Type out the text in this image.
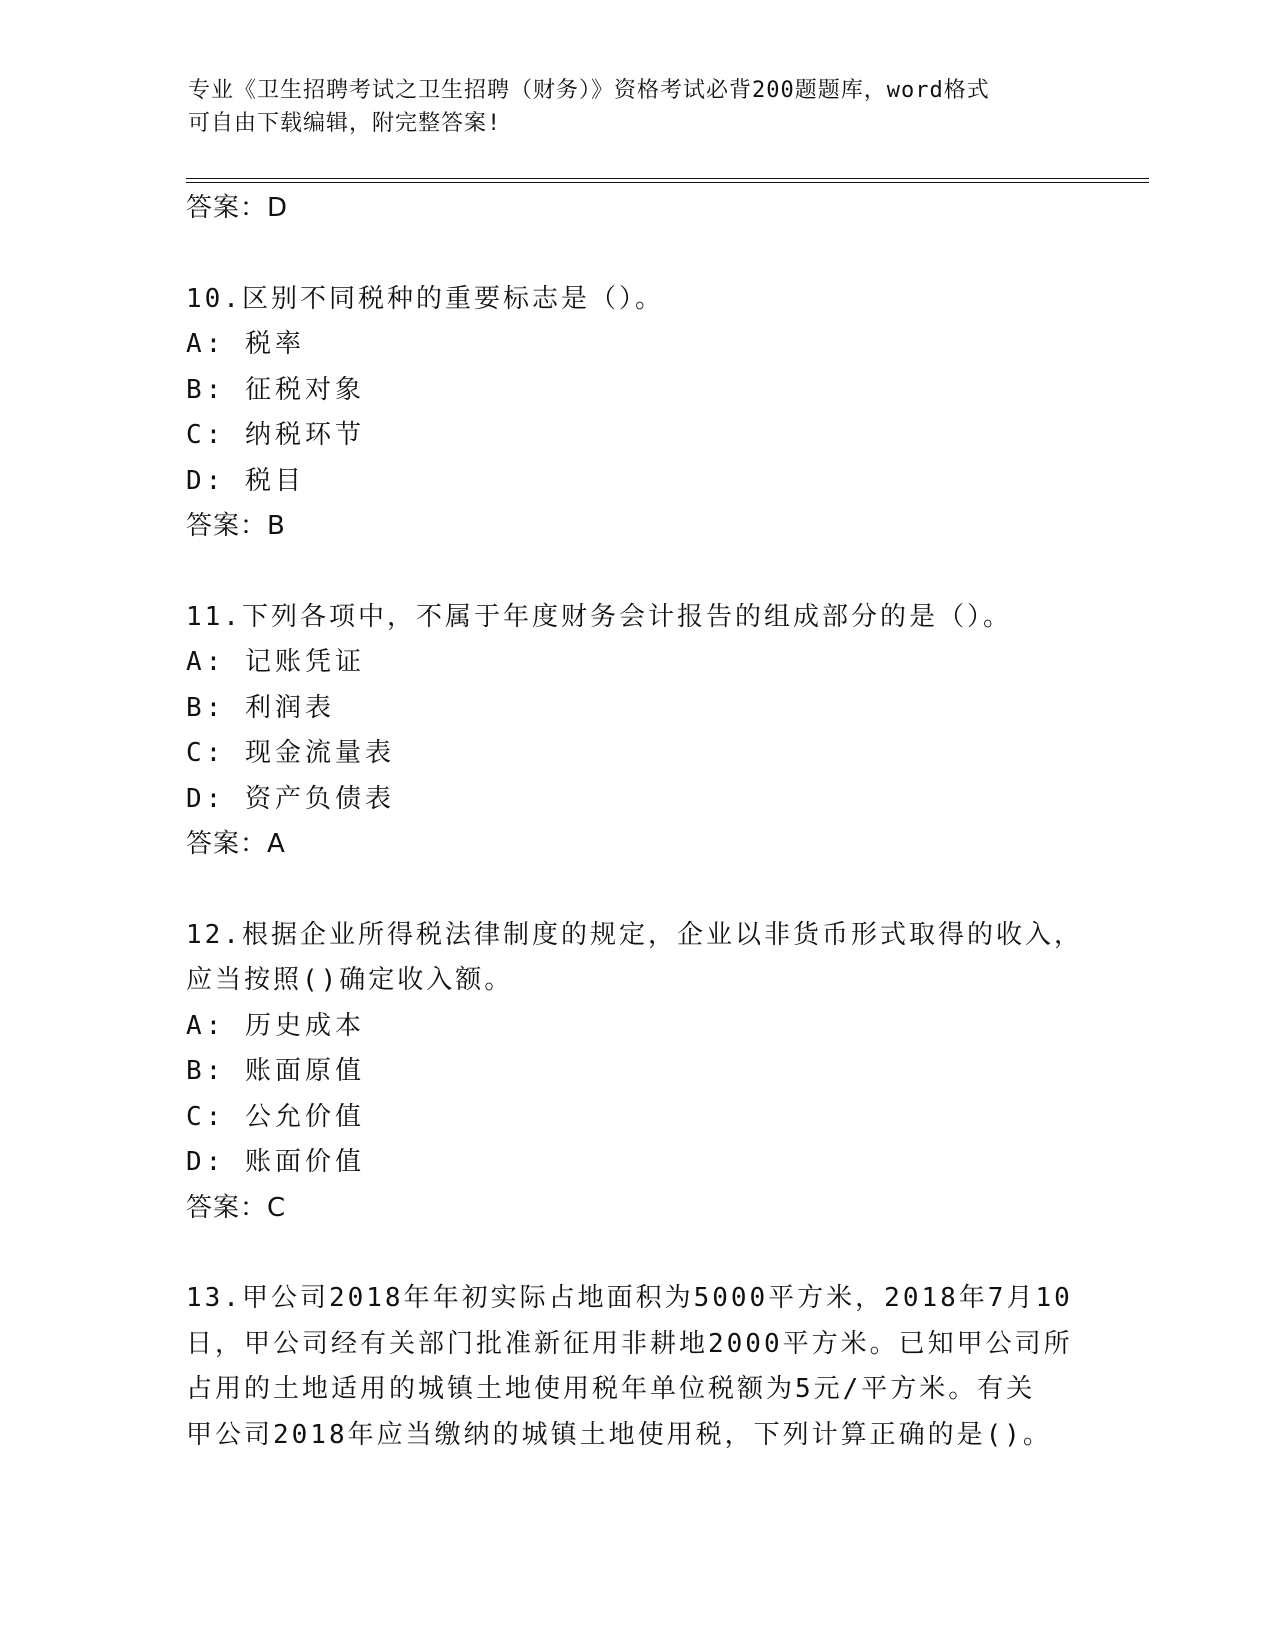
专业《卫生招聘考试之卫生招聘（财务）》资格考试必背200题题库，word格式
可自由下载编辑，附完整答案!
答案：D
10.区别不同税种的重要标志是（）。
A: 税率
B: 征税对象
C: 纳税环节
D: 税目
答案：B
11.下列各项中，不属于年度财务会计报告的组成部分的是（）。
A: 记账凭证
B: 利润表
C: 现金流量表
D: 资产负债表
答案：A
12.根据企业所得税法律制度的规定，企业以非货币形式取得的收入，
应当按照()确定收入额。
A: 历史成本
B: 账面原值
C: 公允价值
D: 账面价值
答案：C
13.甲公司2018年年初实际占地面积为5000平方米，2018年7月10
日，甲公司经有关部门批准新征用非耕地2000平方米。已知甲公司所
占用的土地适用的城镇土地使用税年单位税额为5元/平方米。有关
甲公司2018年应当缴纳的城镇土地使用税，下列计算正确的是()。
